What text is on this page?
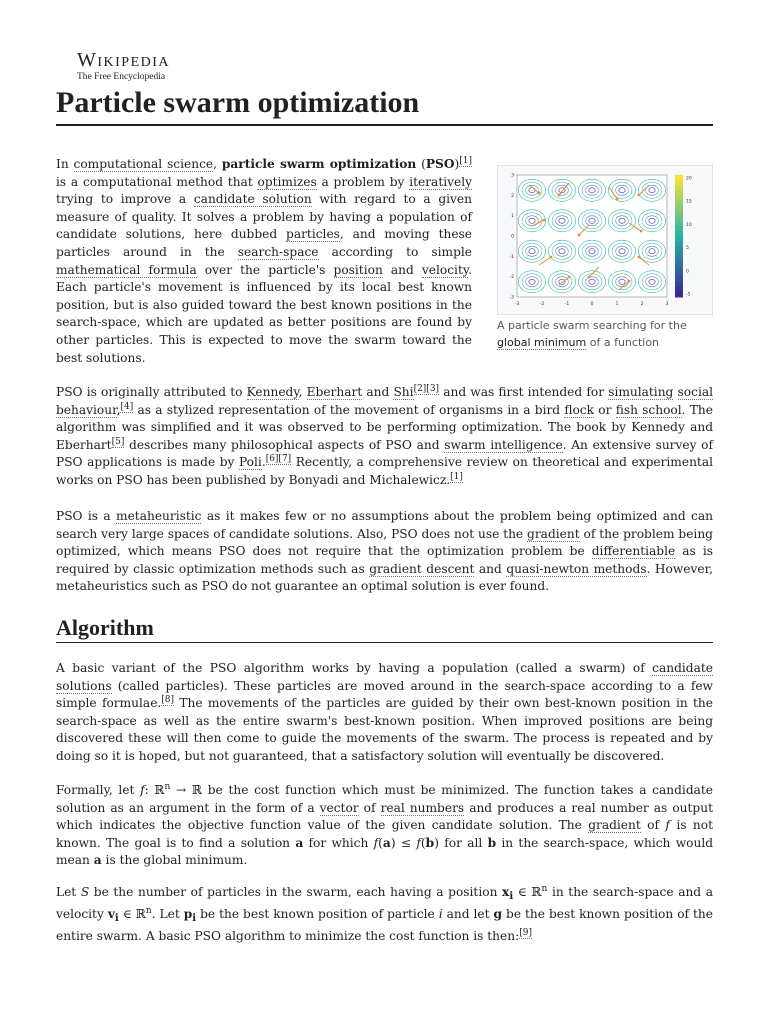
Wikipedia
The Free Encyclopedia
Particle swarm optimization

In computational science, particle swarm optimization (PSO)[1] is a computational method that optimizes a problem by iteratively trying to improve a candidate solution with regard to a given measure of quality. It solves a problem by having a population of candidate solutions, here dubbed particles, and moving these particles around in the search-space according to simple mathematical formula over the particle's position and velocity. Each particle's movement is influenced by its local best known position, but is also guided toward the best known positions in the search-space, which are updated as better positions are found by other particles. This is expected to move the swarm toward the best solutions.

-3	-2	-1	0	1	2	3
3
2
1
0
-1
-2
-3
20
15
10
5
0
-5
A particle swarm searching for the global minimum of a function

PSO is originally attributed to Kennedy, Eberhart and Shi[2][3] and was first intended for simulating social behaviour,[4] as a stylized representation of the movement of organisms in a bird flock or fish school. The algorithm was simplified and it was observed to be performing optimization. The book by Kennedy and Eberhart[5] describes many philosophical aspects of PSO and swarm intelligence. An extensive survey of PSO applications is made by Poli.[6][7] Recently, a comprehensive review on theoretical and experimental works on PSO has been published by Bonyadi and Michalewicz.[1]

PSO is a metaheuristic as it makes few or no assumptions about the problem being optimized and can search very large spaces of candidate solutions. Also, PSO does not use the gradient of the problem being optimized, which means PSO does not require that the optimization problem be differentiable as is required by classic optimization methods such as gradient descent and quasi-newton methods. However, metaheuristics such as PSO do not guarantee an optimal solution is ever found.

Algorithm

A basic variant of the PSO algorithm works by having a population (called a swarm) of candidate solutions (called particles). These particles are moved around in the search-space according to a few simple formulae.[8] The movements of the particles are guided by their own best-known position in the search-space as well as the entire swarm's best-known position. When improved positions are being discovered these will then come to guide the movements of the swarm. The process is repeated and by doing so it is hoped, but not guaranteed, that a satisfactory solution will eventually be discovered.

Formally, let f: ℝ$^n$ → ℝ be the cost function which must be minimized. The function takes a candidate solution as an argument in the form of a vector of real numbers and produces a real number as output which indicates the objective function value of the given candidate solution. The gradient of f is not known. The goal is to find a solution a for which f(a) ≤ f(b) for all b in the search-space, which would mean a is the global minimum.

Let S be the number of particles in the swarm, each having a position $x_i$ ∈ ℝ$^n$ in the search-space and a velocity $v_i$ ∈ ℝ$^n$. Let $p_i$ be the best known position of particle i and let g be the best known position of the entire swarm. A basic PSO algorithm to minimize the cost function is then:[9]
